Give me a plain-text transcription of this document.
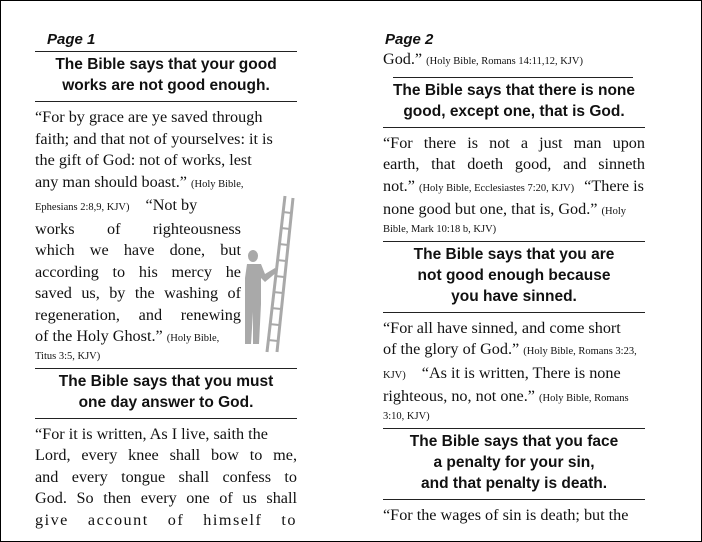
Page 1
The Bible says that your good
works are not good enough.
“For by grace are ye saved through
faith; and that not of yourselves: it is
the gift of God: not of works, lest
any man should boast.” (Holy Bible,
Ephesians 2:8,9, KJV) “Not by
works of righteousness
which we have done, but
according to his mercy he
saved us, by the washing of
regeneration, and renewing
of the Holy Ghost.” (Holy Bible,
Titus 3:5, KJV)
The Bible says that you must
one day answer to God.
“For it is written, As I live, saith the
Lord, every knee shall bow to me,
and every tongue shall confess to
God. So then every one of us shall
give account of himself to
Page 2
God.” (Holy Bible, Romans 14:11,12, KJV)
The Bible says that there is none
good, except one, that is God.
“For there is not a just man upon
earth, that doeth good, and sinneth
not.” (Holy Bible, Ecclesiastes 7:20, KJV) “There is
none good but one, that is, God.” (Holy
Bible, Mark 10:18 b, KJV)
The Bible says that you are
not good enough because
you have sinned.
“For all have sinned, and come short
of the glory of God.” (Holy Bible, Romans 3:23,
KJV) “As it is written, There is none
righteous, no, not one.” (Holy Bible, Romans
3:10, KJV)
The Bible says that you face
a penalty for your sin,
and that penalty is death.
“For the wages of sin is death; but the
